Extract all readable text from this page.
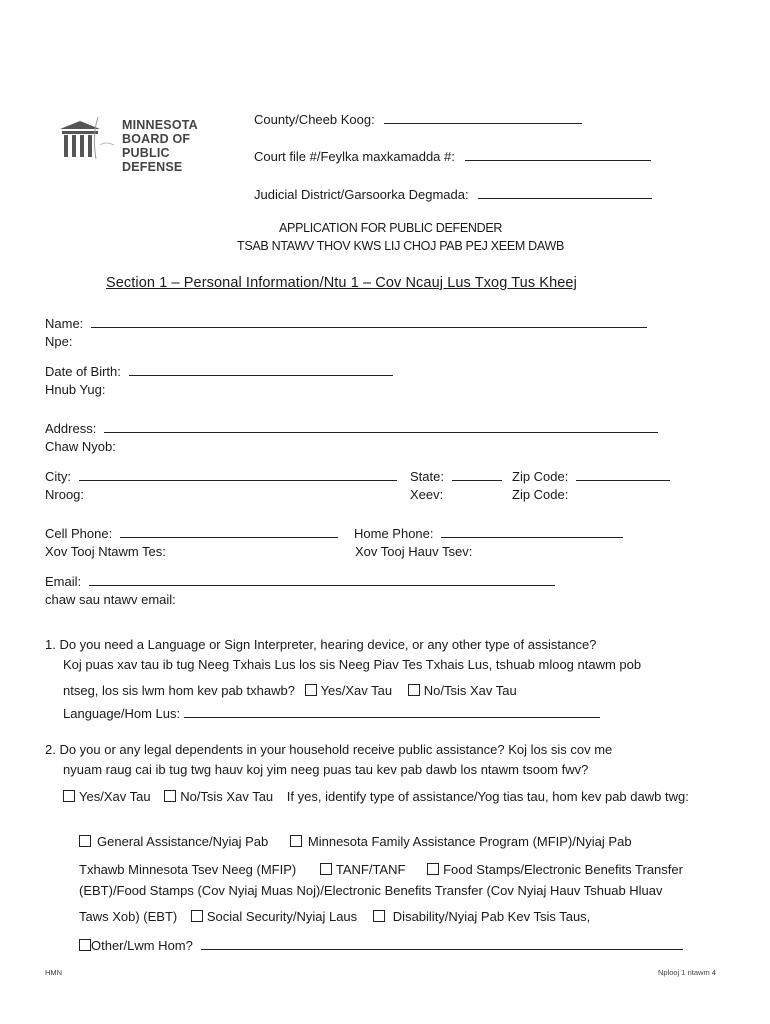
MINNESOTA
BOARD OF
PUBLIC DEFENSE
County/Cheeb Koog:
Court file #/Feylka maxkamadda #:
Judicial District/Garsoorka Degmada:
APPLICATION FOR PUBLIC DEFENDER
TSAB NTAWV THOV KWS LIJ CHOJ PAB PEJ XEEM DAWB
Section 1 – Personal Information/Ntu 1 – Cov Ncauj Lus Txog Tus Kheej
Name:
Npe:
Date of Birth:
Hnub Yug:
Address:
Chaw Nyob:
City:
Nroog:
State:
Xeev:
Zip Code:
Zip Code:
Cell Phone:
Xov Tooj Ntawm Tes:
Home Phone:
Xov Tooj Hauv Tsev:
Email:
chaw sau ntawv email:
1. Do you need a Language or Sign Interpreter, hearing device, or any other type of assistance?
Koj puas xav tau ib tug Neeg Txhais Lus los sis Neeg Piav Tes Txhais Lus, tshuab mloog ntawm pob
ntseg, los sis lwm hom kev pab txhawb? Yes/Xav Tau No/Tsis Xav Tau
Language/Hom Lus:
2. Do you or any legal dependents in your household receive public assistance? Koj los sis cov me
nyuam raug cai ib tug twg hauv koj yim neeg puas tau kev pab dawb los ntawm tsoom fwv?
Yes/Xav Tau No/Tsis Xav Tau If yes, identify type of assistance/Yog tias tau, hom kev pab dawb twg:
General Assistance/Nyiaj Pab	Minnesota Family Assistance Program (MFIP)/Nyiaj Pab
Txhawb Minnesota Tsev Neeg (MFIP)	TANF/TANF	Food Stamps/Electronic Benefits Transfer
(EBT)/Food Stamps (Cov Nyiaj Muas Noj)/Electronic Benefits Transfer (Cov Nyiaj Hauv Tshuab Hluav
Taws Xob) (EBT) Social Security/Nyiaj Laus	Disability/Nyiaj Pab Kev Tsis Taus,
Other/Lwm Hom?
HMN	Nplooj 1 ntawm 4
